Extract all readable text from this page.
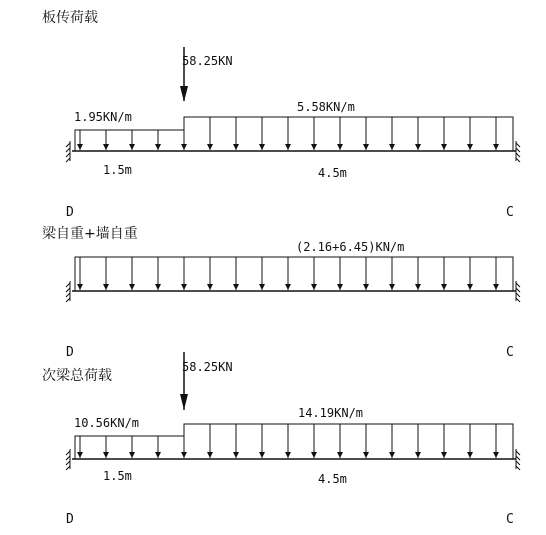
板传荷载
58.25KN
1.95KN/m
5.58KN/m
1.5m	4.5m
D	C
梁自重+墙自重
(2.16+6.45)KN/m
D	C
次梁总荷载
58.25KN
10.56KN/m
14.19KN/m
1.5m	4.5m
D	C
